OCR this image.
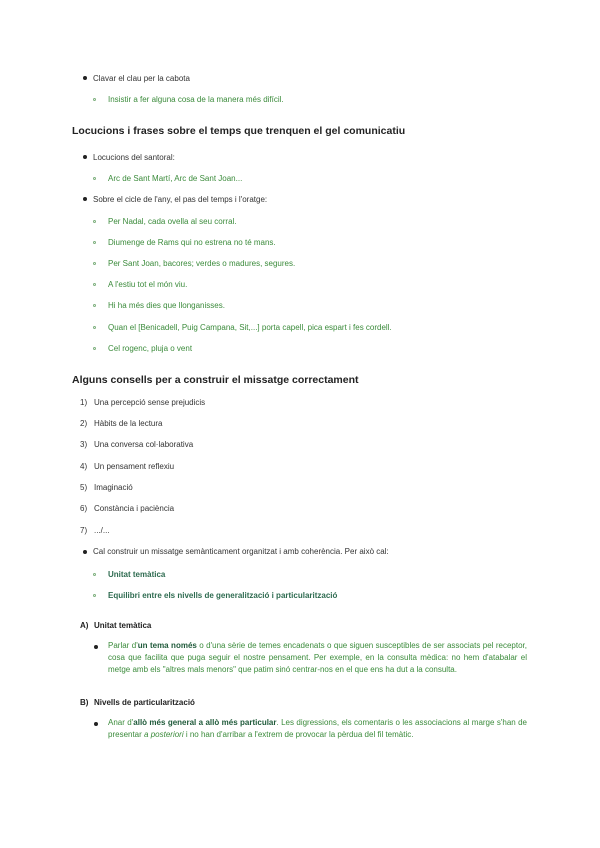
Clavar el clau per la cabota
Insistir a fer alguna cosa de la manera més difícil.
Locucions i frases sobre el temps que trenquen el gel comunicatiu
Locucions del santoral:
Arc de Sant Martí, Arc de Sant Joan...
Sobre el cicle de l'any, el pas del temps i l'oratge:
Per Nadal, cada ovella al seu corral.
Diumenge de Rams qui no estrena no té mans.
Per Sant Joan, bacores; verdes o madures, segures.
A l'estiu tot el món viu.
Hi ha més dies que llonganisses.
Quan el [Benicadell, Puig Campana, Sit,...] porta capell, pica espart i fes cordell.
Cel rogenc, pluja o vent
Alguns consells per a construir el missatge correctament
1) Una percepció sense prejudicis
2) Hàbits de la lectura
3) Una conversa col·laborativa
4) Un pensament reflexiu
5) Imaginació
6) Constància i paciència
7) .../...
Cal construir un missatge semànticament organitzat i amb coherència. Per això cal:
Unitat temàtica
Equilibri entre els nivells de generalització i particularització
A) Unitat temàtica
Parlar d'un tema només o d'una sèrie de temes encadenats o que siguen susceptibles de ser associats pel receptor, cosa que facilita que puga seguir el nostre pensament. Per exemple, en la consulta mèdica: no hem d'atabalar el metge amb els "altres mals menors" que patim sinó centrar-nos en el que ens ha dut a la consulta.
B) Nivells de particularització
Anar d'allò més general a allò més particular. Les digressions, els comentaris o les associacions al marge s'han de presentar a posteriori i no han d'arribar a l'extrem de provocar la pèrdua del fil temàtic.
